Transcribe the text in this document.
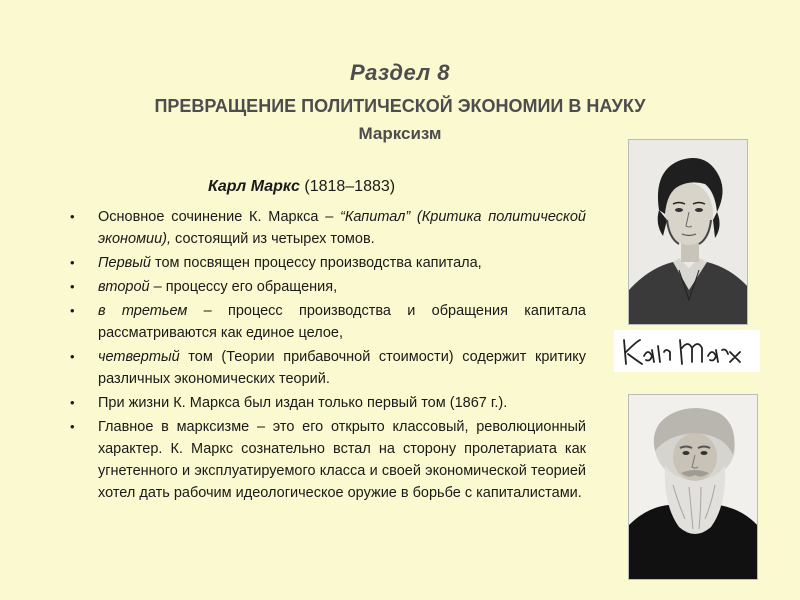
Раздел 8
ПРЕВРАЩЕНИЕ ПОЛИТИЧЕСКОЙ ЭКОНОМИИ В НАУКУ
Марксизм
Карл Маркс (1818–1883)
• Основное сочинение К. Маркса – “Капитал” (Критика политической экономии), состоящий из четырех томов.
• Первый том посвящен процессу производства капитала,
• второй – процессу его обращения,
• в третьем – процесс производства и обращения капитала рассматриваются как единое целое,
• четвертый том (Теории прибавочной стоимости) содержит критику различных экономических теорий.
• При жизни К. Маркса был издан только первый том (1867 г.).
• Главное в марксизме – это его открыто классовый, революционный характер. К. Маркс сознательно встал на сторону пролетариата как угнетенного и эксплуатируемого класса и своей экономической теорией хотел дать рабочим идеологическое оружие в борьбе с капиталистами.
